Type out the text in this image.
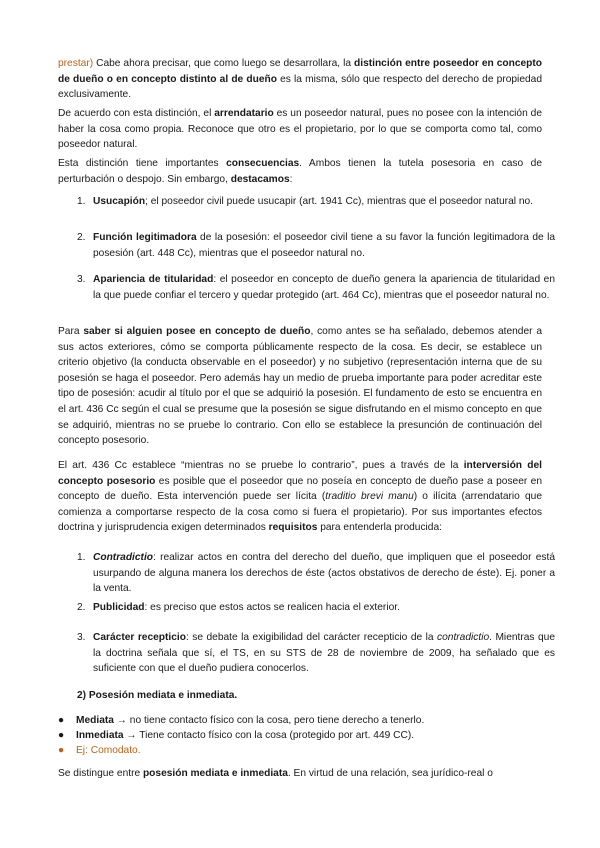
prestar) Cabe ahora precisar, que como luego se desarrollara, la distinción entre poseedor en concepto de dueño o en concepto distinto al de dueño es la misma, sólo que respecto del derecho de propiedad exclusivamente.

De acuerdo con esta distinción, el arrendatario es un poseedor natural, pues no posee con la intención de haber la cosa como propia. Reconoce que otro es el propietario, por lo que se comporta como tal, como poseedor natural.

Esta distinción tiene importantes consecuencias. Ambos tienen la tutela posesoria en caso de perturbación o despojo. Sin embargo, destacamos:

1. Usucapión; el poseedor civil puede usucapir (art. 1941 Cc), mientras que el poseedor natural no.
2. Función legitimadora de la posesión: el poseedor civil tiene a su favor la función legitimadora de la posesión (art. 448 Cc), mientras que el poseedor natural no.
3. Apariencia de titularidad: el poseedor en concepto de dueño genera la apariencia de titularidad en la que puede confiar el tercero y quedar protegido (art. 464 Cc), mientras que el poseedor natural no.

Para saber si alguien posee en concepto de dueño, como antes se ha señalado, debemos atender a sus actos exteriores, cómo se comporta públicamente respecto de la cosa. Es decir, se establece un criterio objetivo (la conducta observable en el poseedor) y no subjetivo (representación interna que de su posesión se haga el poseedor. Pero además hay un medio de prueba importante para poder acreditar este tipo de posesión: acudir al título por el que se adquirió la posesión. El fundamento de esto se encuentra en el art. 436 Cc según el cual se presume que la posesión se sigue disfrutando en el mismo concepto en que se adquirió, mientras no se pruebe lo contrario. Con ello se establece la presunción de continuación del concepto posesorio.

El art. 436 Cc establece “mientras no se pruebe lo contrario”, pues a través de la interversión del concepto posesorio es posible que el poseedor que no poseía en concepto de dueño pase a poseer en concepto de dueño. Esta intervención puede ser lícita (traditio brevi manu) o ilícita (arrendatario que comienza a comportarse respecto de la cosa como si fuera el propietario). Por sus importantes efectos doctrina y jurisprudencia exigen determinados requisitos para entenderla producida:

1. Contradictio: realizar actos en contra del derecho del dueño, que impliquen que el poseedor está usurpando de alguna manera los derechos de éste (actos obstativos de derecho de éste). Ej. poner a la venta.
2. Publicidad: es preciso que estos actos se realicen hacia el exterior.
3. Carácter recepticio: se debate la exigibilidad del carácter recepticio de la contradictio. Mientras que la doctrina señala que sí, el TS, en su STS de 28 de noviembre de 2009, ha señalado que es suficiente con que el dueño pudiera conocerlos.

2) Posesión mediata e inmediata.

● Mediata → no tiene contacto físico con la cosa, pero tiene derecho a tenerlo.

● Inmediata → Tiene contacto físico con la cosa (protegido por art. 449 CC).

● Ej: Comodato.

Se distingue entre posesión mediata e inmediata. En virtud de una relación, sea jurídico-real o
